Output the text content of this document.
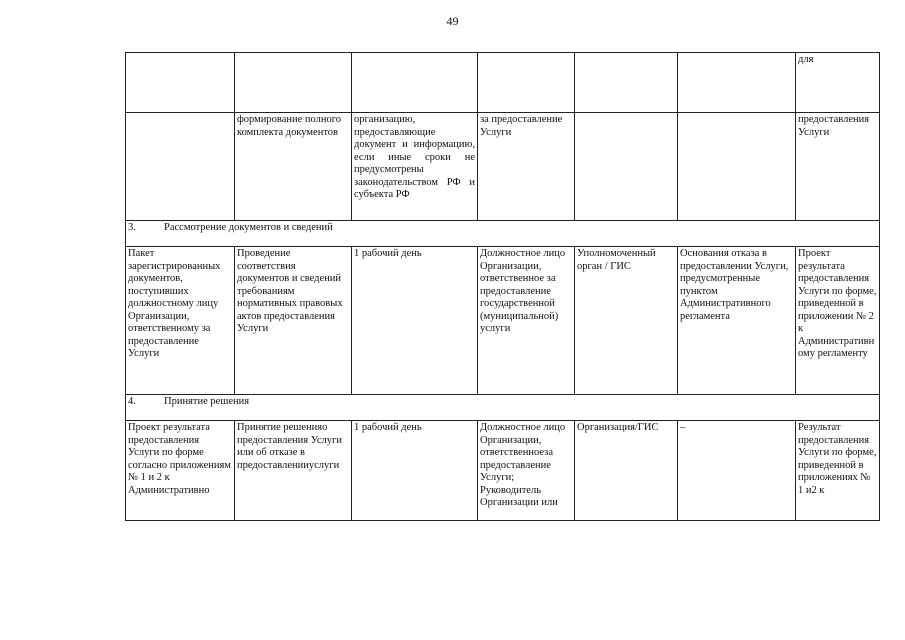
49
						для
	формирование полного комплекта документов	организацию, предоставляющие документ и информацию, если иные сроки не предусмотрены законодательством РФ и субъекта РФ	за предоставление Услуги			предоставления Услуги
3. Рассмотрение документов и сведений						
Пакет зарегистрированных документов, поступивших должностному лицу Организации, ответственному за предоставление Услуги	Проведение соответствия документов и сведений требованиям нормативных правовых актов предоставления Услуги	1 рабочий день	Должностное лицо Организации, ответственное за предоставление государственной (муниципальной) услуги	Уполномоченный орган / ГИС	Основания отказа в предоставлении Услуги, предусмотренные пунктом Административного регламента	Проект результата предоставления Услуги по форме, приведенной в приложении № 2 к Административному регламенту
4. Принятие решения						
Проект результата предоставления Услуги по форме согласно приложениям № 1 и 2 к Административно	Принятие решенияо предоставления Услуги или об отказе в предоставленииуслуги	1 рабочий день	Должностное лицо Организации, ответственноеза предоставление Услуги; Руководитель Организации или	Организация/ГИС	–	Результат предоставления Услуги по форме, приведенной в приложениях № 1 и2 к
